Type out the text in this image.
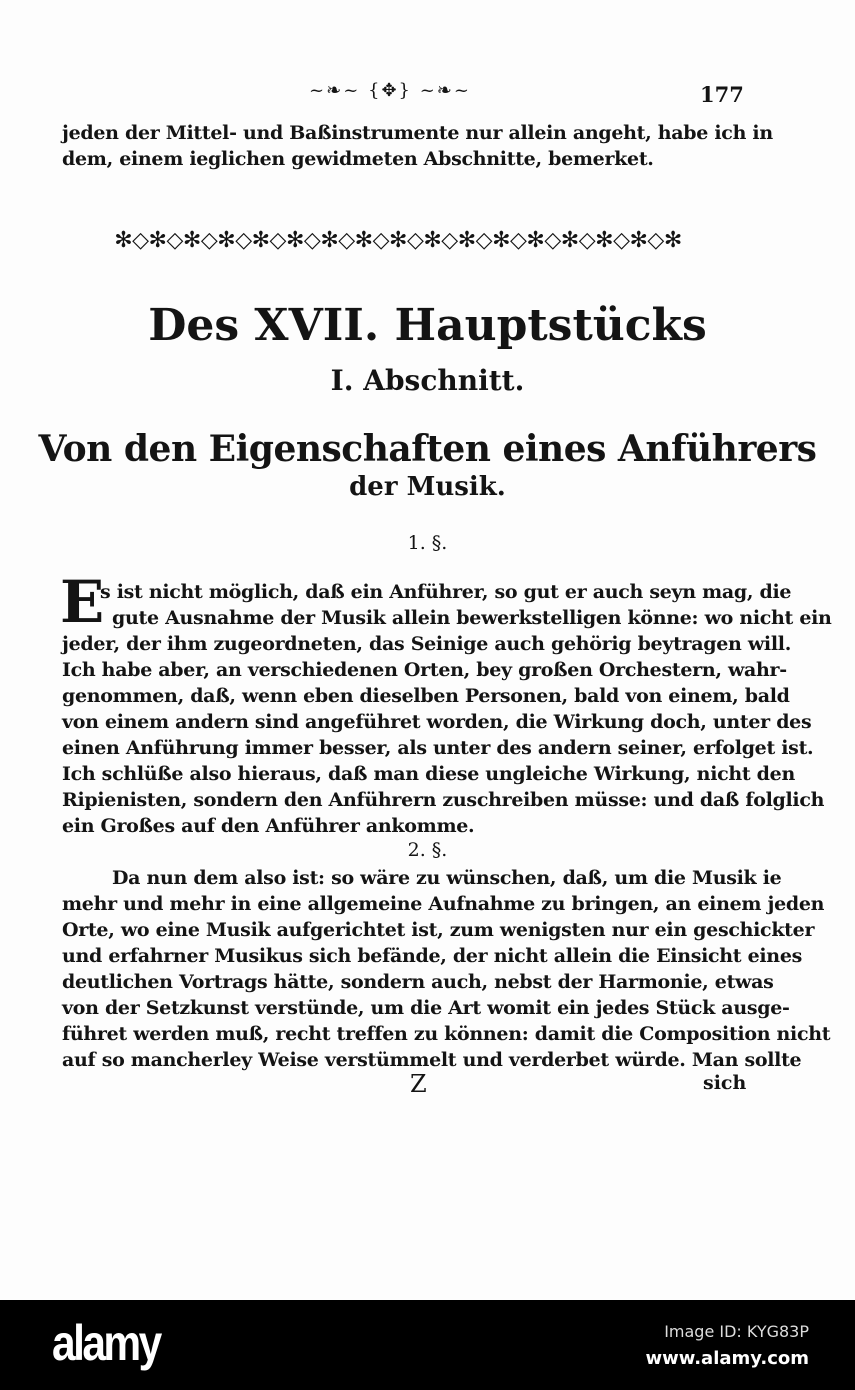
~❧~ {✥} ~❧~	177
jeden der Mittel- und Baßinstrumente nur allein angeht, habe ich in
dem, einem ieglichen gewidmeten Abschnitte, bemerket.
✻◇✻◇✻◇✻◇✻◇✻◇✻◇✻◇✻◇✻◇✻◇✻◇✻◇✻◇✻◇✻◇✻
Des XVII. Hauptstücks
I. Abschnitt.
Von den Eigenschaften eines Anführers
der Musik.
1. §.
E
s ist nicht möglich, daß ein Anführer, so gut er auch seyn mag, die
gute Ausnahme der Musik allein bewerkstelligen könne: wo nicht ein
jeder, der ihm zugeordneten, das Seinige auch gehörig beytragen will.
Ich habe aber, an verschiedenen Orten, bey großen Orchestern, wahr-
genommen, daß, wenn eben dieselben Personen, bald von einem, bald
von einem andern sind angeführet worden, die Wirkung doch, unter des
einen Anführung immer besser, als unter des andern seiner, erfolget ist.
Ich schlüße also hieraus, daß man diese ungleiche Wirkung, nicht den
Ripienisten, sondern den Anführern zuschreiben müsse: und daß folglich
ein Großes auf den Anführer ankomme.
2. §.
Da nun dem also ist: so wäre zu wünschen, daß, um die Musik ie
mehr und mehr in eine allgemeine Aufnahme zu bringen, an einem jeden
Orte, wo eine Musik aufgerichtet ist, zum wenigsten nur ein geschickter
und erfahrner Musikus sich befände, der nicht allein die Einsicht eines
deutlichen Vortrags hätte, sondern auch, nebst der Harmonie, etwas
von der Setzkunst verstünde, um die Art womit ein jedes Stück ausge-
führet werden muß, recht treffen zu können: damit die Composition nicht
auf so mancherley Weise verstümmelt und verderbet würde. Man sollte
Z	sich
alamy	Image ID: KYG83P
www.alamy.com
